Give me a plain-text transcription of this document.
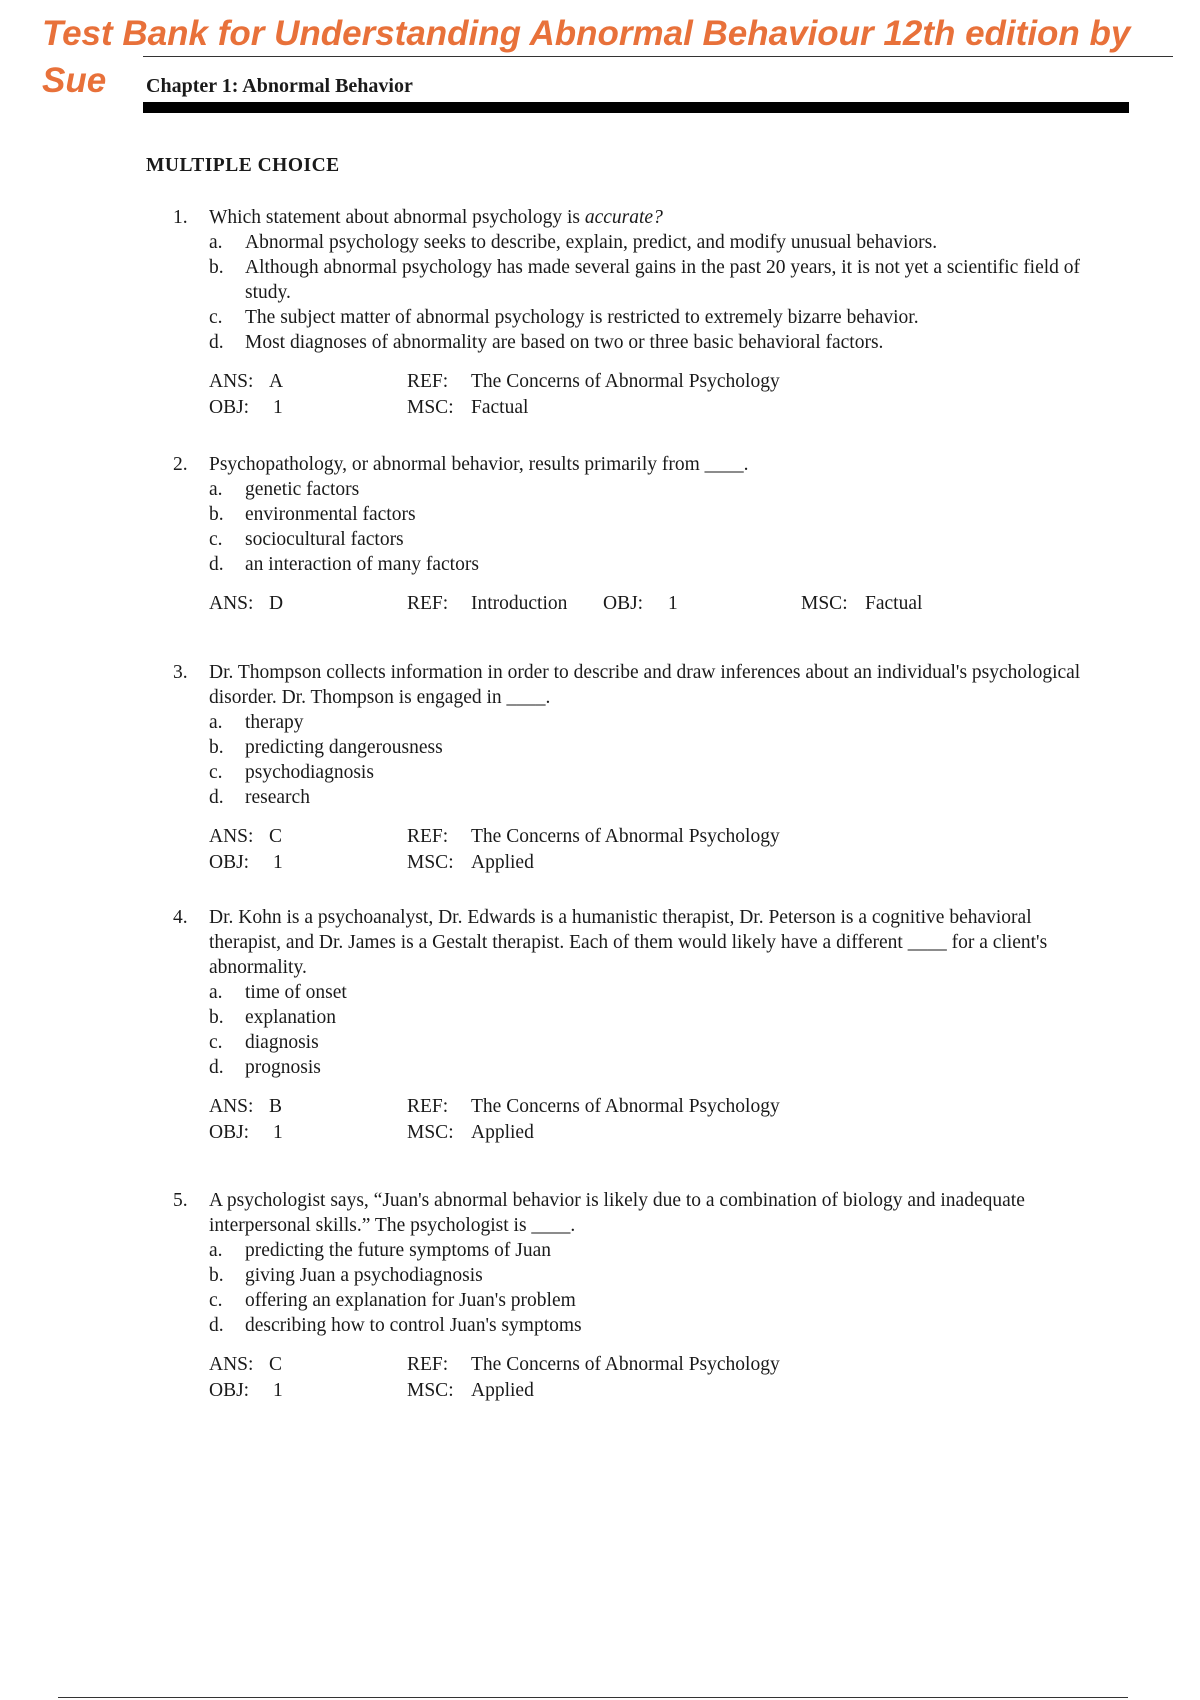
Test Bank for Understanding Abnormal Behaviour 12th edition by Sue	Chapter 1: Abnormal Behavior
MULTIPLE CHOICE
1. Which statement about abnormal psychology is accurate?
a. Abnormal psychology seeks to describe, explain, predict, and modify unusual behaviors.
b. Although abnormal psychology has made several gains in the past 20 years, it is not yet a scientific field of study.
c. The subject matter of abnormal psychology is restricted to extremely bizarre behavior.
d. Most diagnoses of abnormality are based on two or three basic behavioral factors.
ANS: A	REF: The Concerns of Abnormal Psychology
OBJ: 1	MSC: Factual
2. Psychopathology, or abnormal behavior, results primarily from ____.
a. genetic factors
b. environmental factors
c. sociocultural factors
d. an interaction of many factors
ANS: D	REF: Introduction OBJ: 1	MSC: Factual
3. Dr. Thompson collects information in order to describe and draw inferences about an individual's psychological disorder. Dr. Thompson is engaged in ____.
a. therapy
b. predicting dangerousness
c. psychodiagnosis
d. research
ANS: C	REF: The Concerns of Abnormal Psychology
OBJ: 1	MSC: Applied
4. Dr. Kohn is a psychoanalyst, Dr. Edwards is a humanistic therapist, Dr. Peterson is a cognitive behavioral therapist, and Dr. James is a Gestalt therapist. Each of them would likely have a different ____ for a client's abnormality.
a. time of onset
b. explanation
c. diagnosis
d. prognosis
ANS: B	REF: The Concerns of Abnormal Psychology
OBJ: 1	MSC: Applied
5. A psychologist says, “Juan's abnormal behavior is likely due to a combination of biology and inadequate interpersonal skills.” The psychologist is ____.
a. predicting the future symptoms of Juan
b. giving Juan a psychodiagnosis
c. offering an explanation for Juan's problem
d. describing how to control Juan's symptoms
ANS: C	REF: The Concerns of Abnormal Psychology
OBJ: 1	MSC: Applied
